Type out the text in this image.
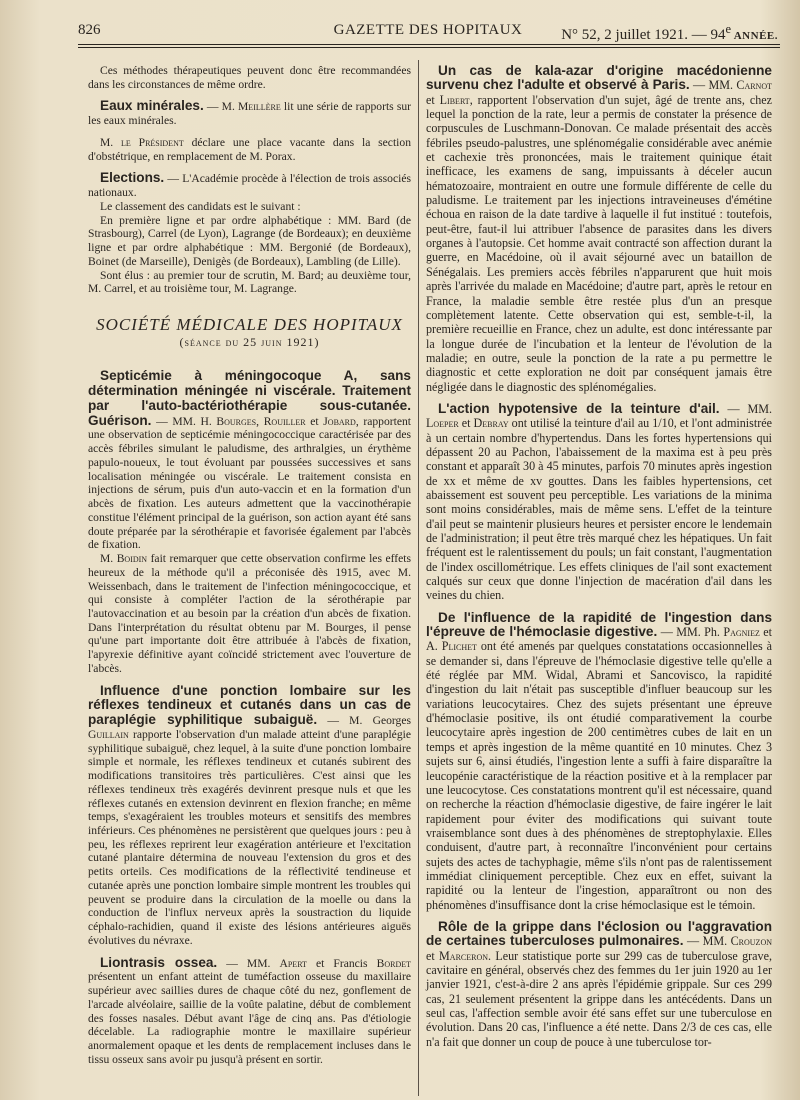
826	GAZETTE DES HOPITAUX	N° 52, 2 juillet 1921. — 94e ANNÉE.

Ces méthodes thérapeutiques peuvent donc être recommandées dans les circonstances de même ordre.

Eaux minérales. — M. Meillère lit une série de rapports sur les eaux minérales.

M. le Président déclare une place vacante dans la section d'obstétrique, en remplacement de M. Porax.

Elections. — L'Académie procède à l'élection de trois associés nationaux.

Le classement des candidats est le suivant :

En première ligne et par ordre alphabétique : MM. Bard (de Strasbourg), Carrel (de Lyon), Lagrange (de Bordeaux); en deuxième ligne et par ordre alphabétique : MM. Bergonié (de Bordeaux), Boinet (de Marseille), Denigès (de Bordeaux), Lambling (de Lille).

Sont élus : au premier tour de scrutin, M. Bard; au deuxième tour, M. Carrel, et au troisième tour, M. Lagrange.

SOCIÉTÉ MÉDICALE DES HOPITAUX
(séance du 25 juin 1921)

Septicémie à méningocoque A, sans détermination méningée ni viscérale. Traitement par l'auto-bactériothérapie sous-cutanée. Guérison. — MM. H. Bourges, Rouiller et Jobard, rapportent une observation de septicémie méningococcique caractérisée par des accès fébriles simulant le paludisme, des arthralgies, un érythème papulo-noueux, le tout évoluant par poussées successives et sans localisation méningée ou viscérale. Le traitement consista en injections de sérum, puis d'un auto-vaccin et en la formation d'un abcès de fixation. Les auteurs admettent que la vaccinothérapie constitue l'élément principal de la guérison, son action ayant été sans doute préparée par la sérothérapie et favorisée également par l'abcès de fixation.

M. Boidin fait remarquer que cette observation confirme les effets heureux de la méthode qu'il a préconisée dès 1915, avec M. Weissenbach, dans le traitement de l'infection méningococcique, et qui consiste à compléter l'action de la sérothérapie par l'autovaccination et au besoin par la création d'un abcès de fixation. Dans l'interprétation du résultat obtenu par M. Bourges, il pense qu'une part importante doit être attribuée à l'abcès de fixation, l'apyrexie définitive ayant coïncidé strictement avec l'ouverture de l'abcès.

Influence d'une ponction lombaire sur les réflexes tendineux et cutanés dans un cas de paraplégie syphilitique subaiguë. — M. Georges Guillain rapporte l'observation d'un malade atteint d'une paraplégie syphilitique subaiguë, chez lequel, à la suite d'une ponction lombaire simple et normale, les réflexes tendineux et cutanés subirent des modifications transitoires très particulières. C'est ainsi que les réflexes tendineux très exagérés devinrent presque nuls et que les réflexes cutanés en extension devinrent en flexion franche; en même temps, s'exagéraient les troubles moteurs et sensitifs des membres inférieurs. Ces phénomènes ne persistèrent que quelques jours : peu à peu, les réflexes reprirent leur exagération antérieure et l'excitation cutané plantaire détermina de nouveau l'extension du gros et des petits orteils. Ces modifications de la réflectivité tendineuse et cutanée après une ponction lombaire simple montrent les troubles qui peuvent se produire dans la circulation de la moelle ou dans la conduction de l'influx nerveux après la soustraction du liquide céphalo-rachidien, quand il existe des lésions antérieures aiguës évolutives du névraxe.

Liontrasis ossea. — MM. Apert et Francis Bordet présentent un enfant atteint de tuméfaction osseuse du maxillaire supérieur avec saillies dures de chaque côté du nez, gonflement de l'arcade alvéolaire, saillie de la voûte palatine, début de comblement des fosses nasales. Début avant l'âge de cinq ans. Pas d'étiologie décelable. La radiographie montre le maxillaire supérieur anormalement opaque et les dents de remplacement incluses dans le tissu osseux sans avoir pu jusqu'à présent en sortir.

Un cas de kala-azar d'origine macédonienne survenu chez l'adulte et observé à Paris. — MM. Carnot et Libert, rapportent l'observation d'un sujet, âgé de trente ans, chez lequel la ponction de la rate, leur a permis de constater la présence de corpuscules de Luschmann-Donovan. Ce malade présentait des accès fébriles pseudo-palustres, une splénomégalie considérable avec anémie et cachexie très prononcées, mais le traitement quinique était inefficace, les examens de sang, impuissants à déceler aucun hématozoaire, montraient en outre une formule différente de celle du paludisme. Le traitement par les injections intraveineuses d'émétine échoua en raison de la date tardive à laquelle il fut institué : toutefois, peut-être, faut-il lui attribuer l'absence de parasites dans les divers organes à l'autopsie. Cet homme avait contracté son affection durant la guerre, en Macédoine, où il avait séjourné avec un bataillon de Sénégalais. Les premiers accès fébriles n'apparurent que huit mois après l'arrivée du malade en Macédoine; d'autre part, après le retour en France, la maladie semble être restée plus d'un an presque complètement latente. Cette observation qui est, semble-t-il, la première recueillie en France, chez un adulte, est donc intéressante par la longue durée de l'incubation et la lenteur de l'évolution de la maladie; en outre, seule la ponction de la rate a pu permettre le diagnostic et cette exploration ne doit par conséquent jamais être négligée dans le diagnostic des splénomégalies.

L'action hypotensive de la teinture d'ail. — MM. Loeper et Debray ont utilisé la teinture d'ail au 1/10, et l'ont administrée à un certain nombre d'hypertendus. Dans les fortes hypertensions qui dépassent 20 au Pachon, l'abaissement de la maxima est à peu près constant et apparaît 30 à 45 minutes, parfois 70 minutes après ingestion de xx et même de xv gouttes. Dans les faibles hypertensions, cet abaissement est souvent peu perceptible. Les variations de la minima sont moins considérables, mais de même sens. L'effet de la teinture d'ail peut se maintenir plusieurs heures et persister encore le lendemain de l'administration; il peut être très marqué chez les hépatiques. Un fait fréquent est le ralentissement du pouls; un fait constant, l'augmentation de l'index oscillométrique. Les effets cliniques de l'ail sont exactement calqués sur ceux que donne l'injection de macération d'ail dans les veines du chien.

De l'influence de la rapidité de l'ingestion dans l'épreuve de l'hémoclasie digestive. — MM. Ph. Pagniez et A. Plichet ont été amenés par quelques constatations occasionnelles à se demander si, dans l'épreuve de l'hémoclasie digestive telle qu'elle a été réglée par MM. Widal, Abrami et Sancovisco, la rapidité d'ingestion du lait n'était pas susceptible d'influer beaucoup sur les variations leucocytaires. Chez des sujets présentant une épreuve d'hémoclasie positive, ils ont étudié comparativement la courbe leucocytaire après ingestion de 200 centimètres cubes de lait en un temps et après ingestion de la même quantité en 10 minutes. Chez 3 sujets sur 6, ainsi étudiés, l'ingestion lente a suffi à faire disparaître la leucopénie caractéristique de la réaction positive et à la remplacer par une leucocytose. Ces constatations montrent qu'il est nécessaire, quand on recherche la réaction d'hémoclasie digestive, de faire ingérer le lait rapidement pour éviter des modifications qui suivant toute vraisemblance sont dues à des phénomènes de streptophylaxie. Elles conduisent, d'autre part, à reconnaître l'inconvénient pour certains sujets des actes de tachyphagie, même s'ils n'ont pas de ralentissement immédiat cliniquement perceptible. Chez eux en effet, suivant la rapidité ou la lenteur de l'ingestion, apparaîtront ou non des phénomènes d'insuffisance dont la crise hémoclasique est le témoin.

Rôle de la grippe dans l'éclosion ou l'aggravation de certaines tuberculoses pulmonaires. — MM. Crouzon et Marceron. Leur statistique porte sur 299 cas de tuberculose grave, cavitaire en général, observés chez des femmes du 1er juin 1920 au 1er janvier 1921, c'est-à-dire 2 ans après l'épidémie grippale. Sur ces 299 cas, 21 seulement présentent la grippe dans les antécédents. Dans un seul cas, l'affection semble avoir été sans effet sur une tuberculose en évolution. Dans 20 cas, l'influence a été nette. Dans 2/3 de ces cas, elle n'a fait que donner un coup de pouce à une tuberculose tor-
